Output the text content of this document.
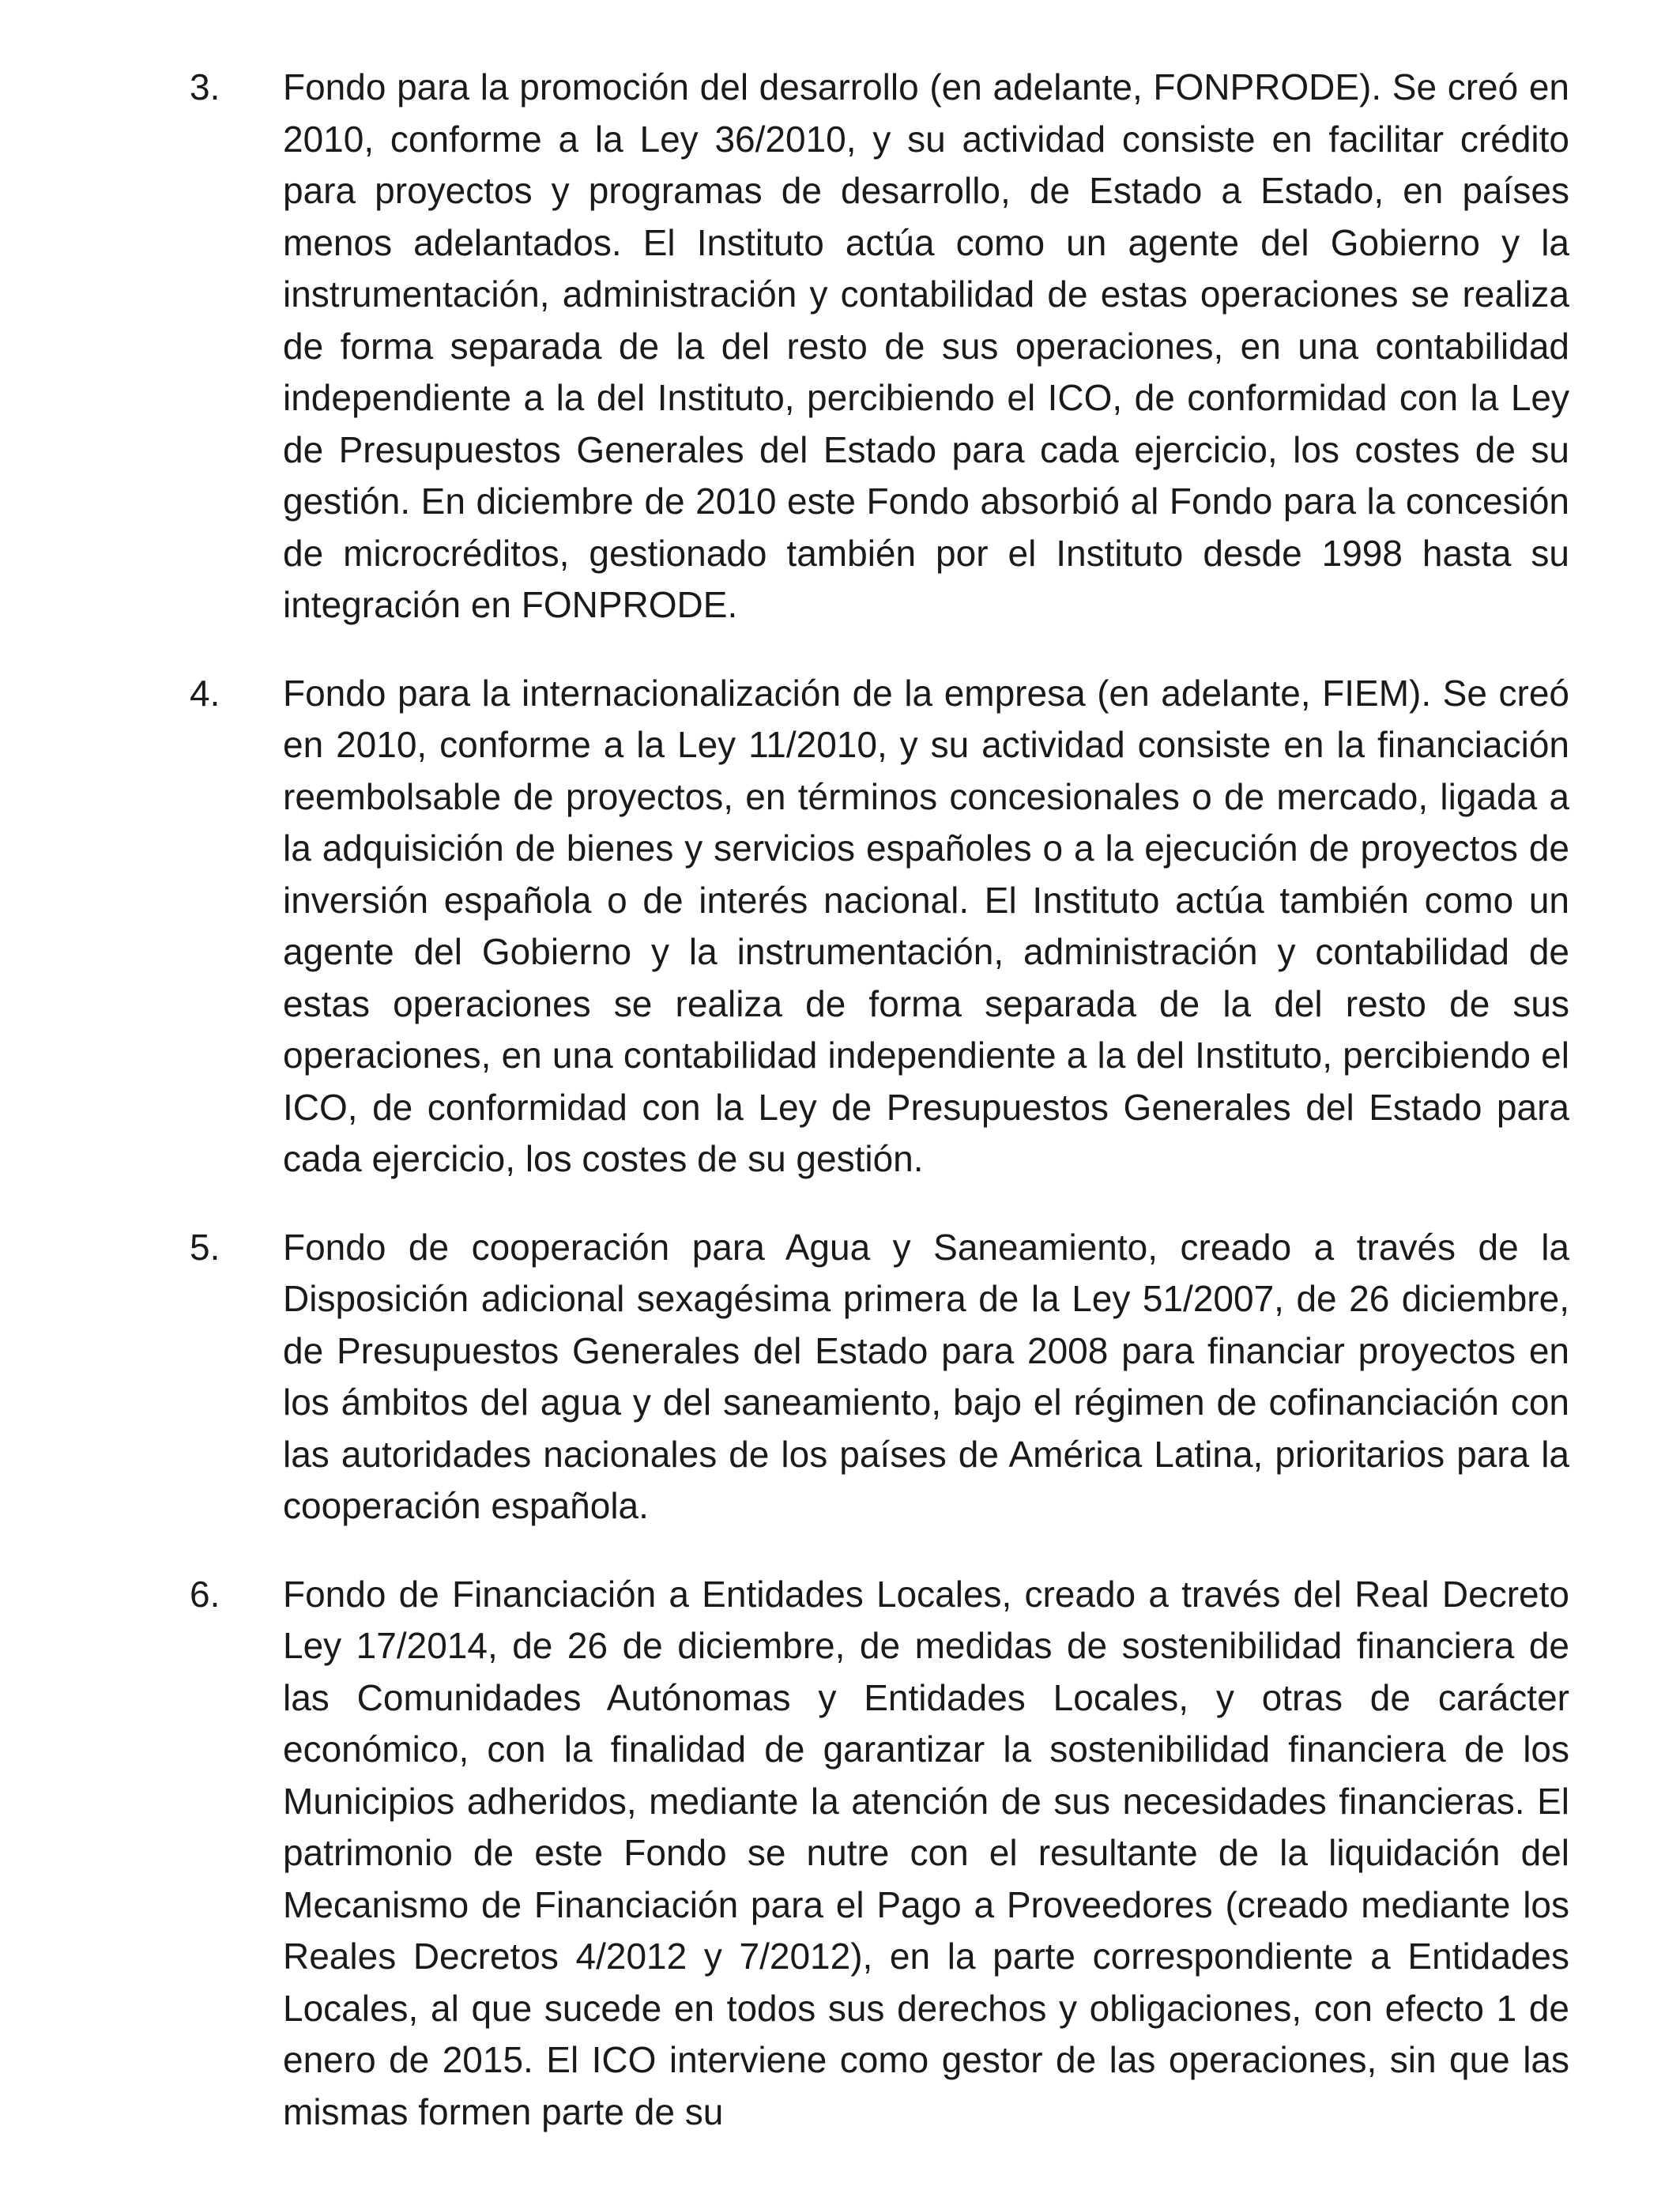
3. Fondo para la promoción del desarrollo (en adelante, FONPRODE). Se creó en 2010, conforme a la Ley 36/2010, y su actividad consiste en facilitar crédito para proyectos y programas de desarrollo, de Estado a Estado, en países menos adelantados. El Instituto actúa como un agente del Gobierno y la instrumentación, administración y contabilidad de estas operaciones se realiza de forma separada de la del resto de sus operaciones, en una contabilidad independiente a la del Instituto, percibiendo el ICO, de conformidad con la Ley de Presupuestos Generales del Estado para cada ejercicio, los costes de su gestión. En diciembre de 2010 este Fondo absorbió al Fondo para la concesión de microcréditos, gestionado también por el Instituto desde 1998 hasta su integración en FONPRODE.

4. Fondo para la internacionalización de la empresa (en adelante, FIEM). Se creó en 2010, conforme a la Ley 11/2010, y su actividad consiste en la financiación reembolsable de proyectos, en términos concesionales o de mercado, ligada a la adquisición de bienes y servicios españoles o a la ejecución de proyectos de inversión española o de interés nacional. El Instituto actúa también como un agente del Gobierno y la instrumentación, administración y contabilidad de estas operaciones se realiza de forma separada de la del resto de sus operaciones, en una contabilidad independiente a la del Instituto, percibiendo el ICO, de conformidad con la Ley de Presupuestos Generales del Estado para cada ejercicio, los costes de su gestión.

5. Fondo de cooperación para Agua y Saneamiento, creado a través de la Disposición adicional sexagésima primera de la Ley 51/2007, de 26 diciembre, de Presupuestos Generales del Estado para 2008 para financiar proyectos en los ámbitos del agua y del saneamiento, bajo el régimen de cofinanciación con las autoridades nacionales de los países de América Latina, prioritarios para la cooperación española.

6. Fondo de Financiación a Entidades Locales, creado a través del Real Decreto Ley 17/2014, de 26 de diciembre, de medidas de sostenibilidad financiera de las Comunidades Autónomas y Entidades Locales, y otras de carácter económico, con la finalidad de garantizar la sostenibilidad financiera de los Municipios adheridos, mediante la atención de sus necesidades financieras. El patrimonio de este Fondo se nutre con el resultante de la liquidación del Mecanismo de Financiación para el Pago a Proveedores (creado mediante los Reales Decretos 4/2012 y 7/2012), en la parte correspondiente a Entidades Locales, al que sucede en todos sus derechos y obligaciones, con efecto 1 de enero de 2015. El ICO interviene como gestor de las operaciones, sin que las mismas formen parte de su
